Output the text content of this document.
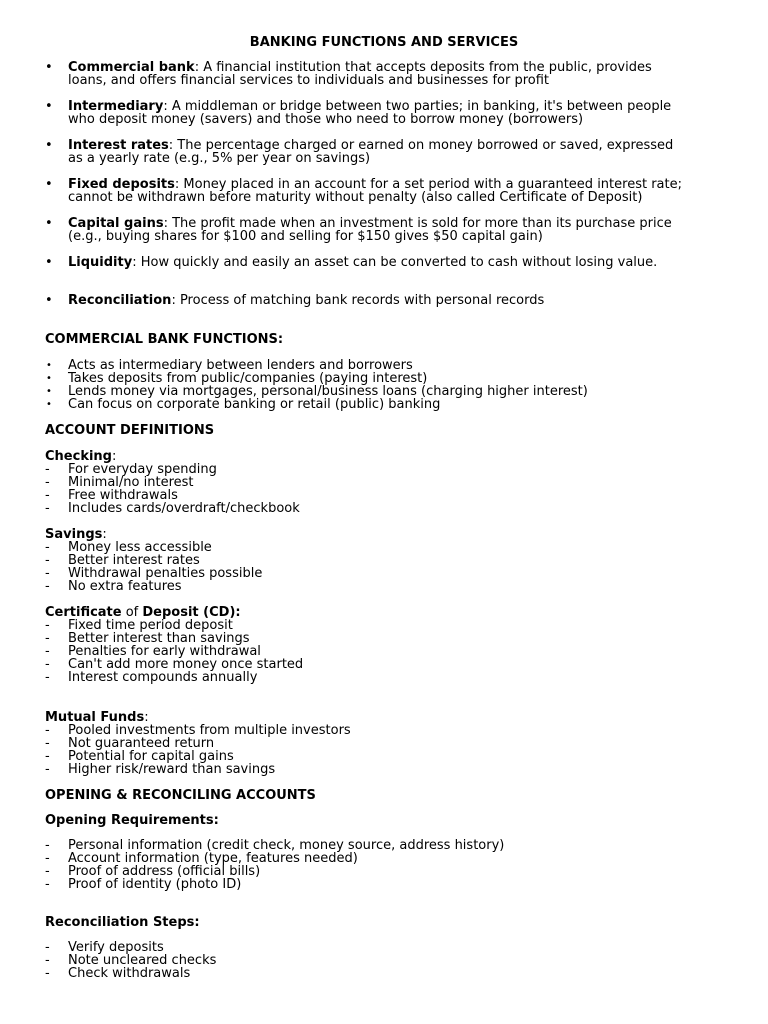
BANKING FUNCTIONS AND SERVICES
• Commercial bank: A financial institution that accepts deposits from the public, provides
loans, and offers financial services to individuals and businesses for profit
• Intermediary: A middleman or bridge between two parties; in banking, it's between people
who deposit money (savers) and those who need to borrow money (borrowers)
• Interest rates: The percentage charged or earned on money borrowed or saved, expressed
as a yearly rate (e.g., 5% per year on savings)
• Fixed deposits: Money placed in an account for a set period with a guaranteed interest rate;
cannot be withdrawn before maturity without penalty (also called Certificate of Deposit)
• Capital gains: The profit made when an investment is sold for more than its purchase price
(e.g., buying shares for $100 and selling for $150 gives $50 capital gain)
• Liquidity: How quickly and easily an asset can be converted to cash without losing value.
• Reconciliation: Process of matching bank records with personal records
COMMERCIAL BANK FUNCTIONS:
• Acts as intermediary between lenders and borrowers
• Takes deposits from public/companies (paying interest)
• Lends money via mortgages, personal/business loans (charging higher interest)
• Can focus on corporate banking or retail (public) banking
ACCOUNT DEFINITIONS
Checking:
- For everyday spending
- Minimal/no interest
- Free withdrawals
- Includes cards/overdraft/checkbook
Savings:
- Money less accessible
- Better interest rates
- Withdrawal penalties possible
- No extra features
Certificate of Deposit (CD):
- Fixed time period deposit
- Better interest than savings
- Penalties for early withdrawal
- Can't add more money once started
- Interest compounds annually
Mutual Funds:
- Pooled investments from multiple investors
- Not guaranteed return
- Potential for capital gains
- Higher risk/reward than savings
OPENING & RECONCILING ACCOUNTS
Opening Requirements:
- Personal information (credit check, money source, address history)
- Account information (type, features needed)
- Proof of address (official bills)
- Proof of identity (photo ID)
Reconciliation Steps:
- Verify deposits
- Note uncleared checks
- Check withdrawals
